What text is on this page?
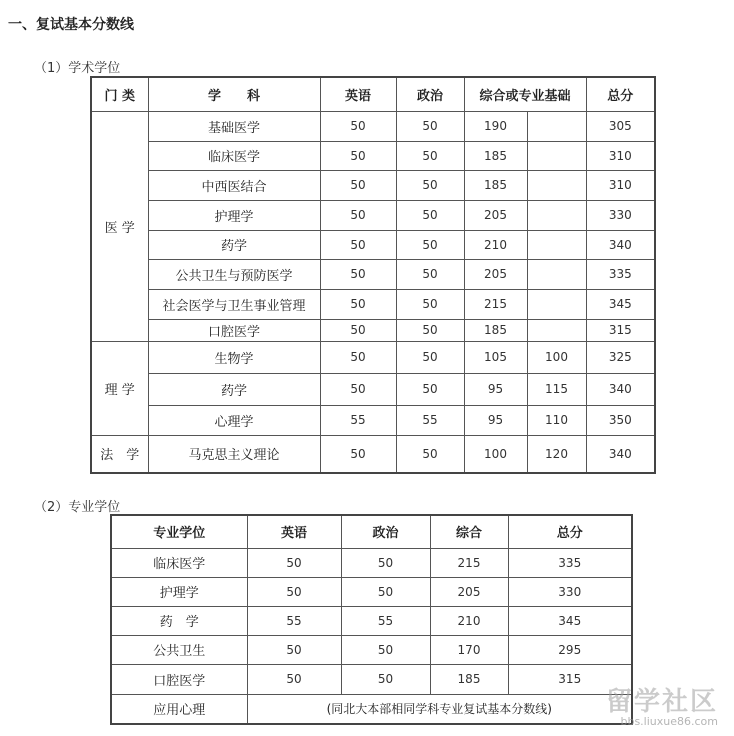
一、复试基本分数线
（1）学术学位
门 类	学　　科	英语	政治	综合或专业基础		总分
医 学	基础医学	50	50	190		305
	临床医学	50	50	185		310
	中西医结合	50	50	185		310
	护理学	50	50	205		330
	药学	50	50	210		340
	公共卫生与预防医学	50	50	205		335
	社会医学与卫生事业管理	50	50	215		345
	口腔医学	50	50	185		315
理 学	生物学	50	50	105	100	325
	药学	50	50	95	115	340
	心理学	55	55	95	110	350
法　学	马克思主义理论	50	50	100	120	340
（2）专业学位
专业学位	英语	政治	综合	总分
临床医学	50	50	215	335
护理学	50	50	205	330
药　学	55	55	210	345
公共卫生	50	50	170	295
口腔医学	50	50	185	315
应用心理	(同北大本部相同学科专业复试基本分数线)			留学社区
bbs.liuxue86.com
